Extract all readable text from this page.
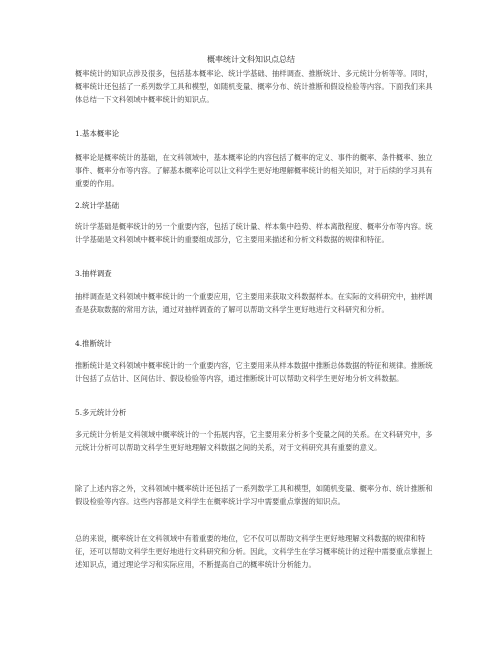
概率统计文科知识点总结

概率统计的知识点涉及很多，包括基本概率论、统计学基础、抽样调查、推断统计、多元统计分析等等。同时，概率统计还包括了一系列数学工具和模型，如随机变量、概率分布、统计推断和假设检验等内容。下面我们来具体总结一下文科领域中概率统计的知识点。

1.基本概率论

概率论是概率统计的基础，在文科领域中，基本概率论的内容包括了概率的定义、事件的概率、条件概率、独立事件、概率分布等内容。了解基本概率论可以让文科学生更好地理解概率统计的相关知识，对于后续的学习具有重要的作用。

2.统计学基础

统计学基础是概率统计的另一个重要内容，包括了统计量、样本集中趋势、样本离散程度、概率分布等内容。统计学基础是文科领域中概率统计的重要组成部分，它主要用来描述和分析文科数据的规律和特征。

3.抽样调查

抽样调查是文科领域中概率统计的一个重要应用，它主要用来获取文科数据样本。在实际的文科研究中，抽样调查是获取数据的常用方法，通过对抽样调查的了解可以帮助文科学生更好地进行文科研究和分析。

4.推断统计

推断统计是文科领域中概率统计的一个重要内容，它主要用来从样本数据中推断总体数据的特征和规律。推断统计包括了点估计、区间估计、假设检验等内容，通过推断统计可以帮助文科学生更好地分析文科数据。

5.多元统计分析

多元统计分析是文科领域中概率统计的一个拓展内容，它主要用来分析多个变量之间的关系。在文科研究中，多元统计分析可以帮助文科学生更好地理解文科数据之间的关系，对于文科研究具有重要的意义。

除了上述内容之外，文科领域中概率统计还包括了一系列数学工具和模型，如随机变量、概率分布、统计推断和假设检验等内容。这些内容都是文科学生在概率统计学习中需要重点掌握的知识点。

总的来说，概率统计在文科领域中有着重要的地位，它不仅可以帮助文科学生更好地理解文科数据的规律和特征，还可以帮助文科学生更好地进行文科研究和分析。因此，文科学生在学习概率统计的过程中需要重点掌握上述知识点，通过理论学习和实际应用，不断提高自己的概率统计分析能力。
